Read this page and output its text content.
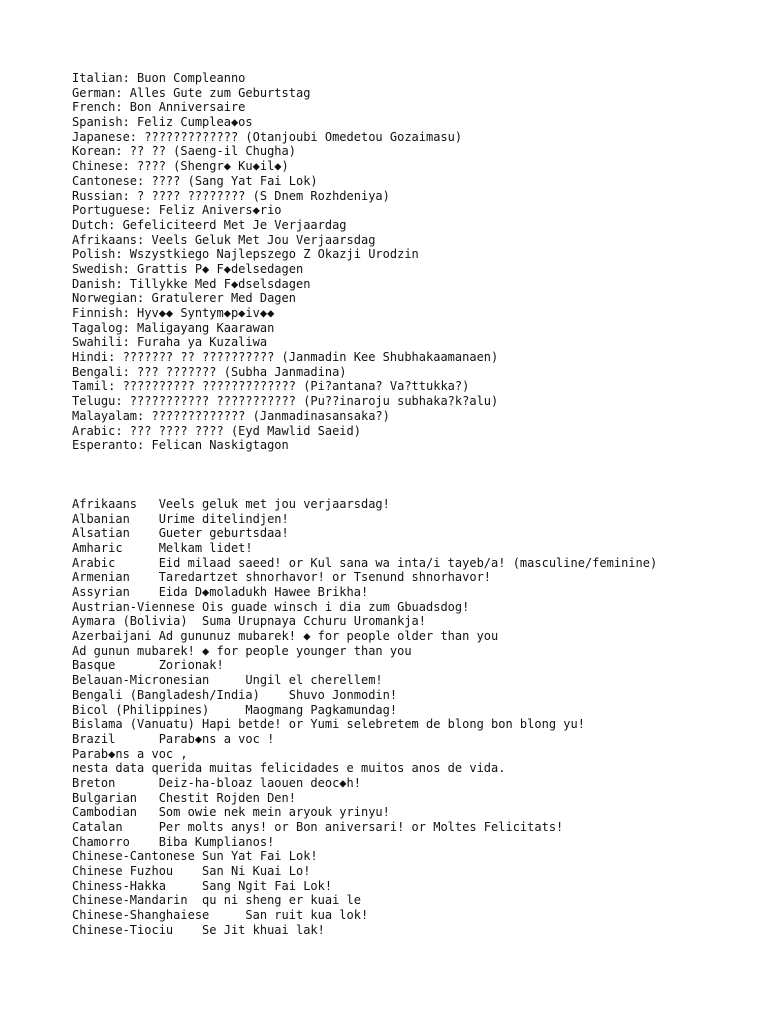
Italian: Buon Compleanno
German: Alles Gute zum Geburtstag
French: Bon Anniversaire
Spanish: Feliz Cumplea◆os
Japanese: ????????????? (Otanjoubi Omedetou Gozaimasu)
Korean: ?? ?? (Saeng-il Chugha)
Chinese: ???? (Shengr◆ Ku◆il◆)
Cantonese: ???? (Sang Yat Fai Lok)
Russian: ? ???? ???????? (S Dnem Rozhdeniya)
Portuguese: Feliz Anivers◆rio
Dutch: Gefeliciteerd Met Je Verjaardag
Afrikaans: Veels Geluk Met Jou Verjaarsdag
Polish: Wszystkiego Najlepszego Z Okazji Urodzin
Swedish: Grattis P◆ F◆delsedagen
Danish: Tillykke Med F◆dselsdagen
Norwegian: Gratulerer Med Dagen
Finnish: Hyv◆◆ Syntym◆p◆iv◆◆
Tagalog: Maligayang Kaarawan
Swahili: Furaha ya Kuzaliwa
Hindi: ??????? ?? ?????????? (Janmadin Kee Shubhakaamanaen)
Bengali: ??? ??????? (Subha Janmadina)
Tamil: ?????????? ????????????? (Pi?antana? Va?ttukka?)
Telugu: ??????????? ??????????? (Pu??inaroju subhaka?k?alu)
Malayalam: ????????????? (Janmadinasansaka?)
Arabic: ??? ???? ???? (Eyd Mawlid Saeid)
Esperanto: Felican Naskigtagon
Afrikaans   Veels geluk met jou verjaarsdag!
Albanian    Urime ditelindjen!
Alsatian    Gueter geburtsdaa!
Amharic     Melkam lidet!
Arabic      Eid milaad saeed! or Kul sana wa inta/i tayeb/a! (masculine/feminine)
Armenian    Taredartzet shnorhavor! or Tsenund shnorhavor!
Assyrian    Eida D◆moladukh Hawee Brikha!
Austrian-Viennese Ois guade winsch i dia zum Gbuadsdog!
Aymara (Bolivia)  Suma Urupnaya Cchuru Uromankja!
Azerbaijani Ad gununuz mubarek! ◆ for people older than you
Ad gunun mubarek! ◆ for people younger than you
Basque      Zorionak!
Belauan-Micronesian     Ungil el cherellem!
Bengali (Bangladesh/India)    Shuvo Jonmodin!
Bicol (Philippines)     Maogmang Pagkamundag!
Bislama (Vanuatu) Hapi betde! or Yumi selebretem de blong bon blong yu!
Brazil      Parab◆ns a voc !
Parab◆ns a voc ,
nesta data querida muitas felicidades e muitos anos de vida.
Breton      Deiz-ha-bloaz laouen deoc◆h!
Bulgarian   Chestit Rojden Den!
Cambodian   Som owie nek mein aryouk yrinyu!
Catalan     Per molts anys! or Bon aniversari! or Moltes Felicitats!
Chamorro    Biba Kumplianos!
Chinese-Cantonese Sun Yat Fai Lok!
Chinese Fuzhou    San Ni Kuai Lo!
Chiness-Hakka     Sang Ngit Fai Lok!
Chinese-Mandarin  qu ni sheng er kuai le
Chinese-Shanghaiese     San ruit kua lok!
Chinese-Tiociu    Se Jit khuai lak!
